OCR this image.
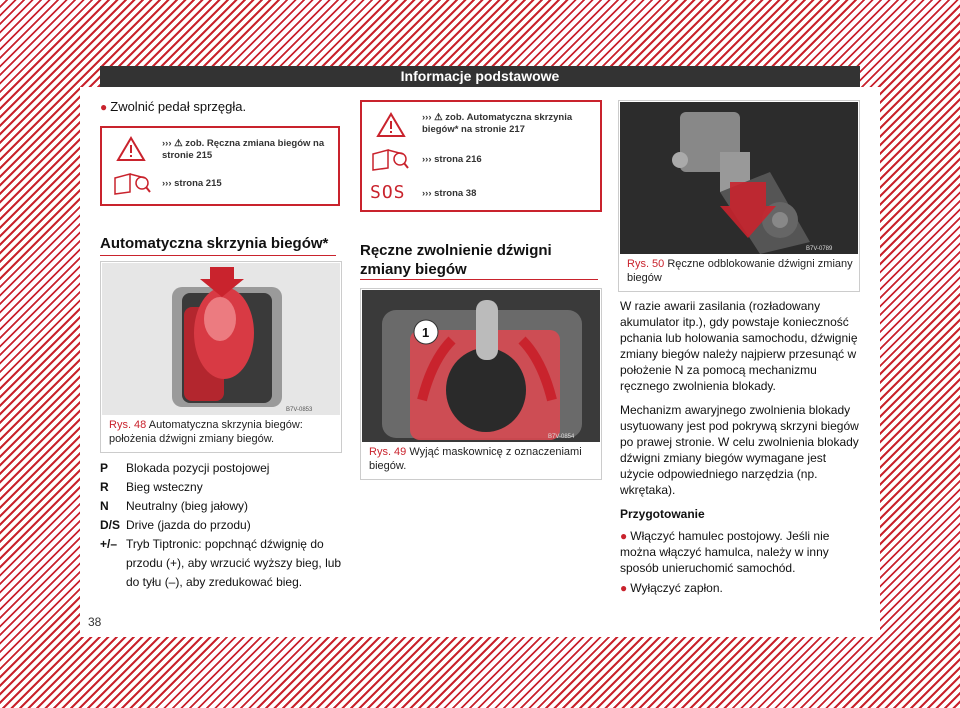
Informacje podstawowe
● Zwolnić pedał sprzęgła.
››› ⚠ zob. Ręczna zmiana biegów na stronie 215
››› strona 215
Automatyczna skrzynia biegów*
B7V-0853
Rys. 48 Automatyczna skrzynia biegów: położenia dźwigni zmiany biegów.
P Blokada pozycji postojowej
R Bieg wsteczny
N Neutralny (bieg jałowy)
D/S Drive (jazda do przodu)
+/– Tryb Tiptronic: popchnąć dźwignię do przodu (+), aby wrzucić wyższy bieg, lub do tyłu (–), aby zredukować bieg.
››› ⚠ zob. Automatyczna skrzynia biegów* na stronie 217
››› strona 216
SOS ››› strona 38
Ręczne zwolnienie dźwigni zmiany biegów
1
B7V-0854
Rys. 49 Wyjąć maskownicę z oznaczeniami biegów.
B7V-0789
Rys. 50 Ręczne odblokowanie dźwigni zmiany biegów
W razie awarii zasilania (rozładowany akumulator itp.), gdy powstaje konieczność pchania lub holowania samochodu, dźwignię zmiany biegów należy najpierw przesunąć w położenie N za pomocą mechanizmu ręcznego zwolnienia blokady.
Mechanizm awaryjnego zwolnienia blokady usytuowany jest pod pokrywą skrzyni biegów po prawej stronie. W celu zwolnienia blokady dźwigni zmiany biegów wymagane jest użycie odpowiedniego narzędzia (np. wkrętaka).
Przygotowanie
● Włączyć hamulec postojowy. Jeśli nie można włączyć hamulca, należy w inny sposób unieruchomić samochód.
● Wyłączyć zapłon.
38
